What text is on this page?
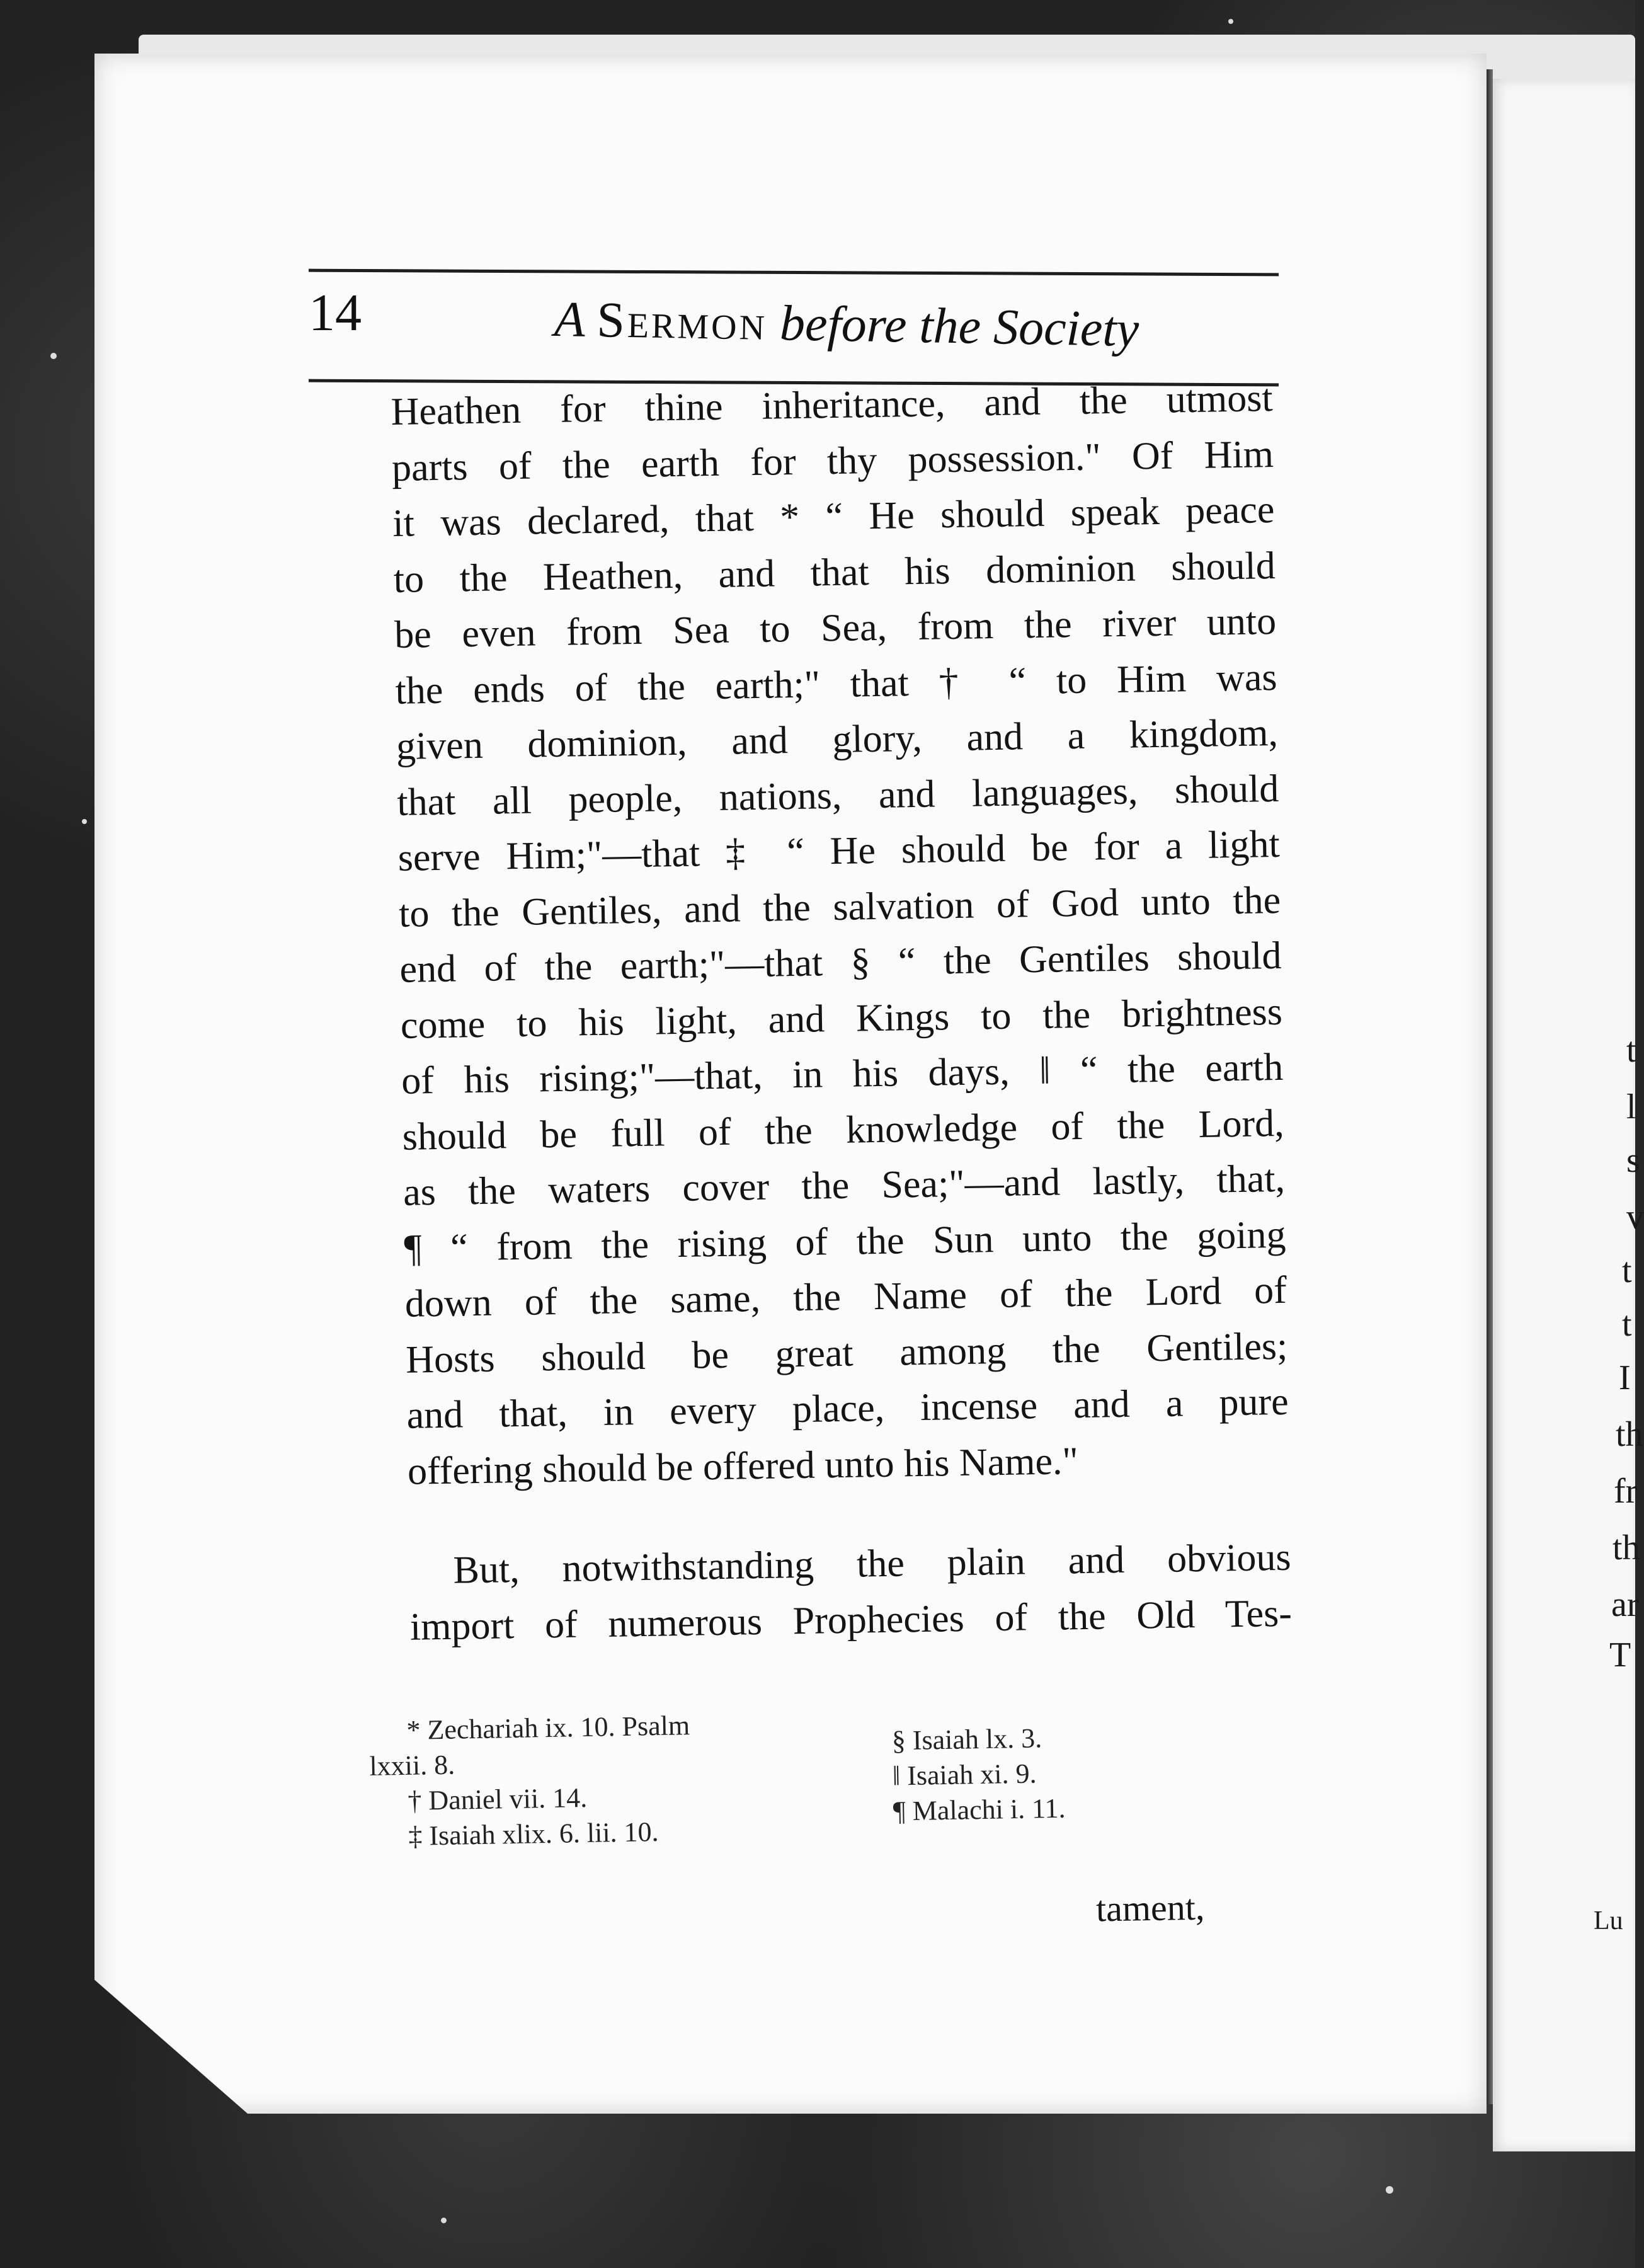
t
l
s
v
t
t
I
th
fr
th
ar
T
Lu
14	A Sermon before the Society
Heathen for thine inheritance, and the utmost
parts of the earth for thy possession." Of Him
it was declared, that * “ He should speak peace
to the Heathen, and that his dominion should
be even from Sea to Sea, from the river unto
the ends of the earth;" that † “ to Him was
given dominion, and glory, and a kingdom,
that all people, nations, and languages, should
serve Him;"—that ‡ “ He should be for a light
to the Gentiles, and the salvation of God unto the
end of the earth;"—that § “ the Gentiles should
come to his light, and Kings to the brightness
of his rising;"—that, in his days, ‖ “ the earth
should be full of the knowledge of the Lord,
as the waters cover the Sea;"—and lastly, that,
¶ “ from the rising of the Sun unto the going
down of the same, the Name of the Lord of
Hosts should be great among the Gentiles;
and that, in every place, incense and a pure
offering should be offered unto his Name."
But, notwithstanding the plain and obvious
import of numerous Prophecies of the Old Tes-
* Zechariah ix. 10. Psalm
lxxii. 8.
† Daniel vii. 14.
‡ Isaiah xlix. 6. lii. 10.
§ Isaiah lx. 3.
‖ Isaiah xi. 9.
¶ Malachi i. 11.
tament,
